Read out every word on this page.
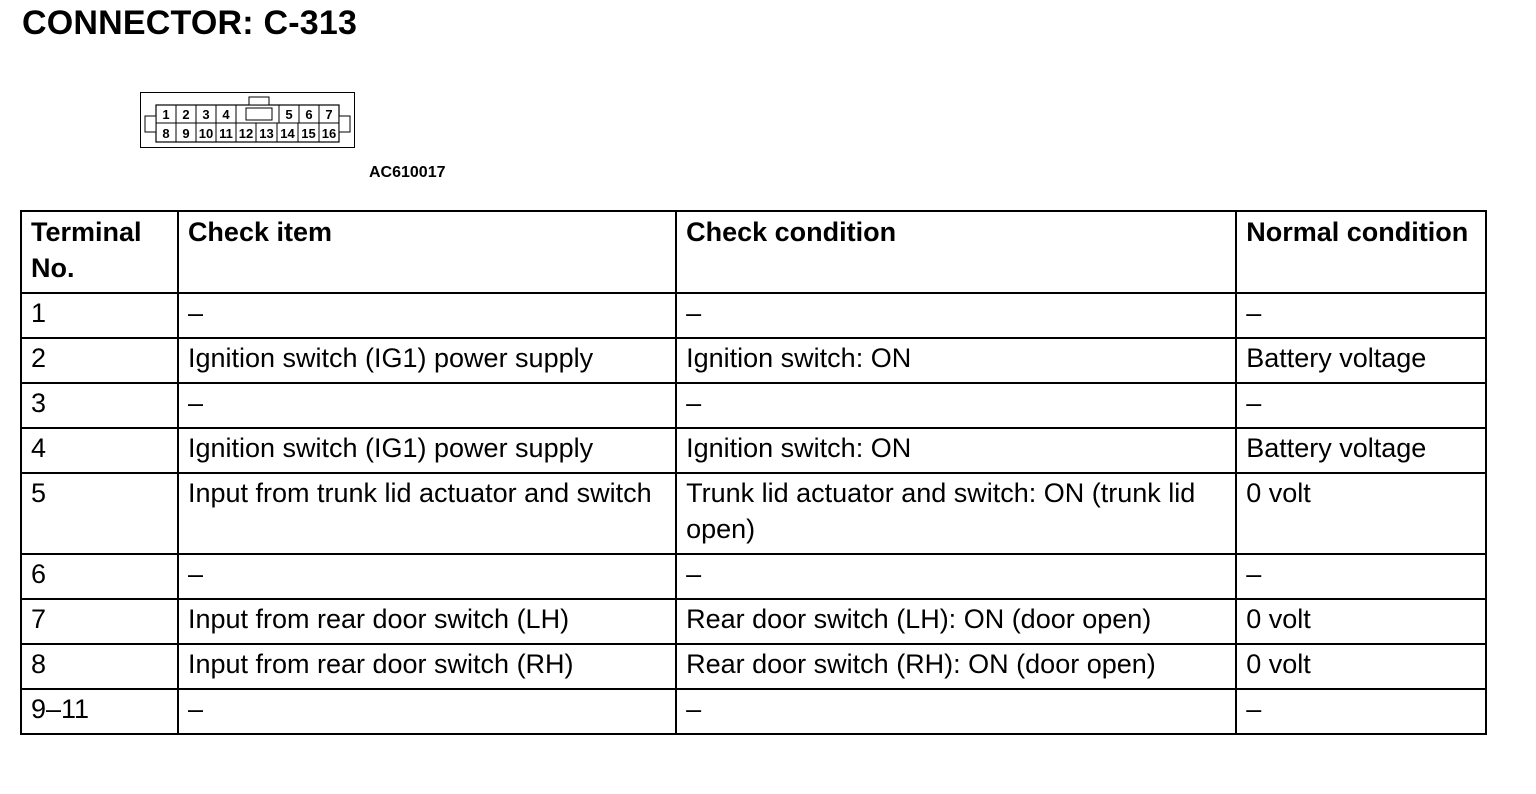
CONNECTOR: C-313
1 2 3 4	5 6 7
8 9 10 11 12 13 14 15 16
AC610017
Terminal No.	Check item	Check condition	Normal condition
1	–	–	–
2	Ignition switch (IG1) power supply	Ignition switch: ON	Battery voltage
3	–	–	–
4	Ignition switch (IG1) power supply	Ignition switch: ON	Battery voltage
5	Input from trunk lid actuator and switch	Trunk lid actuator and switch: ON (trunk lid open)	0 volt
6	–	–	–
7	Input from rear door switch (LH)	Rear door switch (LH): ON (door open)	0 volt
8	Input from rear door switch (RH)	Rear door switch (RH): ON (door open)	0 volt
9–11	–	–	–
